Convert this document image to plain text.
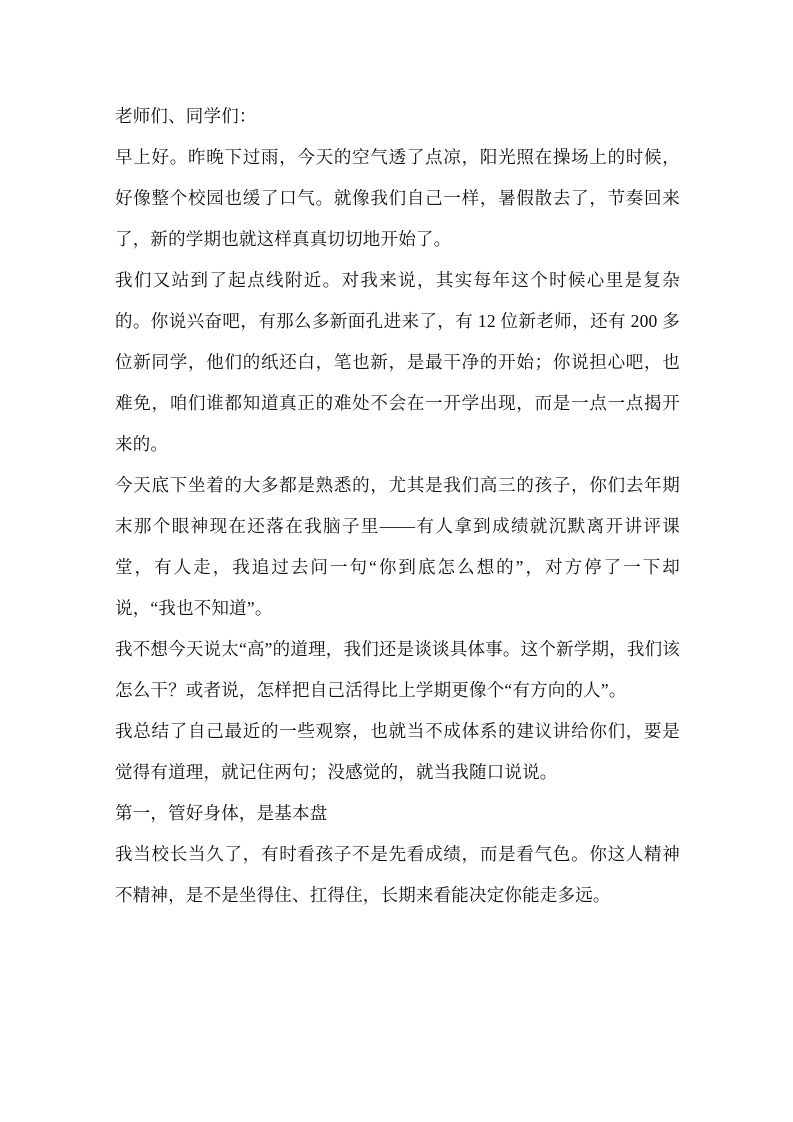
老师们、同学们：

早上好。昨晚下过雨，今天的空气透了点凉，阳光照在操场上的时候，好像整个校园也缓了口气。就像我们自己一样，暑假散去了，节奏回来了，新的学期也就这样真真切切地开始了。

我们又站到了起点线附近。对我来说，其实每年这个时候心里是复杂的。你说兴奋吧，有那么多新面孔进来了，有 12 位新老师，还有 200 多位新同学，他们的纸还白，笔也新，是最干净的开始；你说担心吧，也难免，咱们谁都知道真正的难处不会在一开学出现，而是一点一点揭开来的。

今天底下坐着的大多都是熟悉的，尤其是我们高三的孩子，你们去年期末那个眼神现在还落在我脑子里——有人拿到成绩就沉默离开讲评课堂，有人走，我追过去问一句“你到底怎么想的”，对方停了一下却说，“我也不知道”。

我不想今天说太“高”的道理，我们还是谈谈具体事。这个新学期，我们该怎么干？或者说，怎样把自己活得比上学期更像个“有方向的人”。

我总结了自己最近的一些观察，也就当不成体系的建议讲给你们，要是觉得有道理，就记住两句；没感觉的，就当我随口说说。

第一，管好身体，是基本盘

我当校长当久了，有时看孩子不是先看成绩，而是看气色。你这人精神不精神，是不是坐得住、扛得住，长期来看能决定你能走多远。
